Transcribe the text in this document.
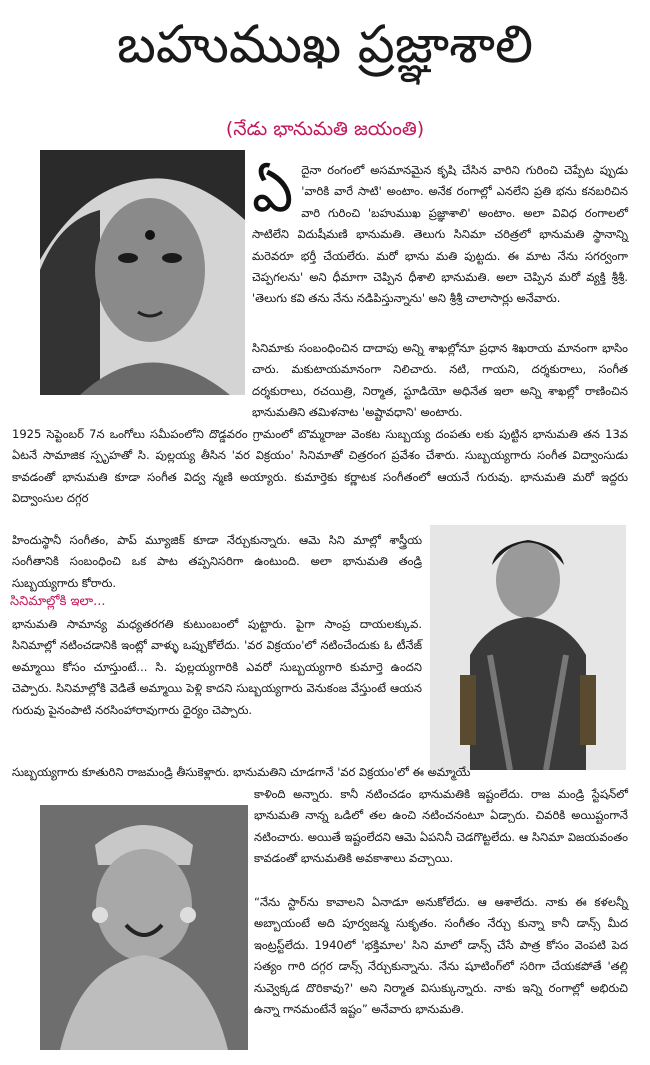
బహుముఖ ప్రజ్ఞాశాలి
(నేడు భానుమతి జయంతి)
ఏదైనా రంగంలో అసమానమైన కృషి చేసిన వారిని గురించి చెప్పేట ప్పుడు 'వారికి వారే సాటి' అంటాం. అనేక రంగాల్లో ఎనలేని ప్రతి భను కనబరిచిన వారి గురించి 'బహుముఖ ప్రజ్ఞాశాలి' అంటాం. అలా వివిధ రంగాలలో సాటిలేని విదుషీమణి భానుమతి. తెలుగు సినిమా చరిత్రలో భానుమతి స్థానాన్ని మరెవరూ భర్తీ చేయలేరు. మరో భాను మతి పుట్టదు. ఈ మాట నేను సగర్వంగా చెప్పగలను' అని ధీమాగా చెప్పిన ధీశాలి భానుమతి. అలా చెప్పిన మరో వ్యక్తి శ్రీశ్రీ. 'తెలుగు కవి తను నేను నడిపిస్తున్నాను' అని శ్రీశ్రీ చాలాసార్లు అనేవారు.

సినిమాకు సంబంధించిన దాదాపు అన్ని శాఖల్లోనూ ప్రధాన శిఖరాయ మానంగా భాసిం చారు. మకుటాయమానంగా నిలిచారు. నటి, గాయని, దర్శకురాలు, సంగీత దర్శకురాలు, రచయిత్రి, నిర్మాత, స్టూడియో అధినేత ఇలా అన్ని శాఖల్లో రాణించిన భానుమతిని తమిళనాట 'అష్టావధాని' అంటారు.

1925 సెప్టెంబర్ 7న ఒంగోలు సమీపంలోని దొడ్డవరం గ్రామంలో బొమ్మరాజు వెంకట సుబ్బయ్య దంపతు లకు పుట్టిన భానుమతి తన 13వ ఏటనే సామాజిక స్పృహతో సి. పుల్లయ్య తీసిన 'వర విక్రయం' సినిమాతో చిత్రరంగ ప్రవేశం చేశారు. సుబ్బయ్యగారు సంగీత విద్వాంసుడు కావడంతో భానుమతి కూడా సంగీత విద్వ న్మణి అయ్యారు. కుమార్తెకు కర్ణాటక సంగీతంలో ఆయనే గురువు. భానుమతి మరో ఇద్దరు విద్వాంసుల దగ్గర

హిందుస్థానీ సంగీతం, పాప్ మ్యూజిక్ కూడా నేర్చుకున్నారు. ఆమె సిని మాల్లో శాస్త్రీయ సంగీతానికి సంబంధించి ఒక పాట తప్పనిసరిగా ఉంటుంది. అలా భానుమతి తండ్రి సుబ్బయ్యగారు కోరారు.

సినిమాల్లోకి ఇలా...

భానుమతి సామాన్య మధ్యతరగతి కుటుంబంలో పుట్టారు. పైగా సాంప్ర దాయలక్కువ. సినిమాల్లో నటించడానికి ఇంట్లో వాళ్ళు ఒప్పుకోలేదు. 'వర విక్రయం'లో నటించేందుకు ఓ టీనేజ్ అమ్మాయి కోసం చూస్తుంటే... సి. పుల్లయ్యగారికి ఎవరో సుబ్బయ్యగారి కుమార్తె ఉందని చెప్పారు. సినిమాల్లోకి వెడితే అమ్మాయి పెళ్లి కాదని సుబ్బయ్యగారు వెనుకంజ వేస్తుంటే ఆయన గురువు పైనంపాటి నరసింహారావుగారు ధైర్యం చెప్పారు.

సుబ్బయ్యగారు కూతురిని రాజమండ్రి తీసుకెళ్లారు. భానుమతిని చూడగానే 'వర విక్రయం'లో ఈ అమ్మాయే

కాళింది అన్నారు. కానీ నటించడం భానుమతికి ఇష్టంలేదు. రాజ మండ్రి స్టేషన్‌లో భానుమతి నాన్న ఒడిలో తల ఉంచి నటించనంటూ ఏడ్చారు. చివరికి అయిష్టంగానే నటించారు. అయితే ఇష్టంలేదని ఆమె ఏపనినీ చెడగొట్టలేదు. ఆ సినిమా విజయవంతం కావడంతో భానుమతికి అవకాశాలు వచ్చాయి.

“నేను స్టార్‌ను కావాలని ఏనాడూ అనుకోలేదు. ఆ ఆశాలేదు. నాకు ఈ కళలన్నీ అబ్బాయంటే అది పూర్వజన్మ సుకృతం. సంగీతం నేర్చు కున్నా కానీ డాన్స్ మీద ఇంట్రస్ట్‌లేదు. 1940లో 'భక్తిమాల' సిని మాలో డాన్స్ చేసే పాత్ర కోసం వెంపటి పెద సత్యం గారి దగ్గర డాన్స్ నేర్చుకున్నాను. నేను షూటింగ్‌లో సరిగా చేయకపోతే 'తల్లి నువ్వెక్కడ దొరికావు?' అని నిర్మాత విసుక్కున్నారు. నాకు ఇన్ని రంగాల్లో అభిరుచి ఉన్నా గానమంటేనే ఇష్టం” అనేవారు భానుమతి.
